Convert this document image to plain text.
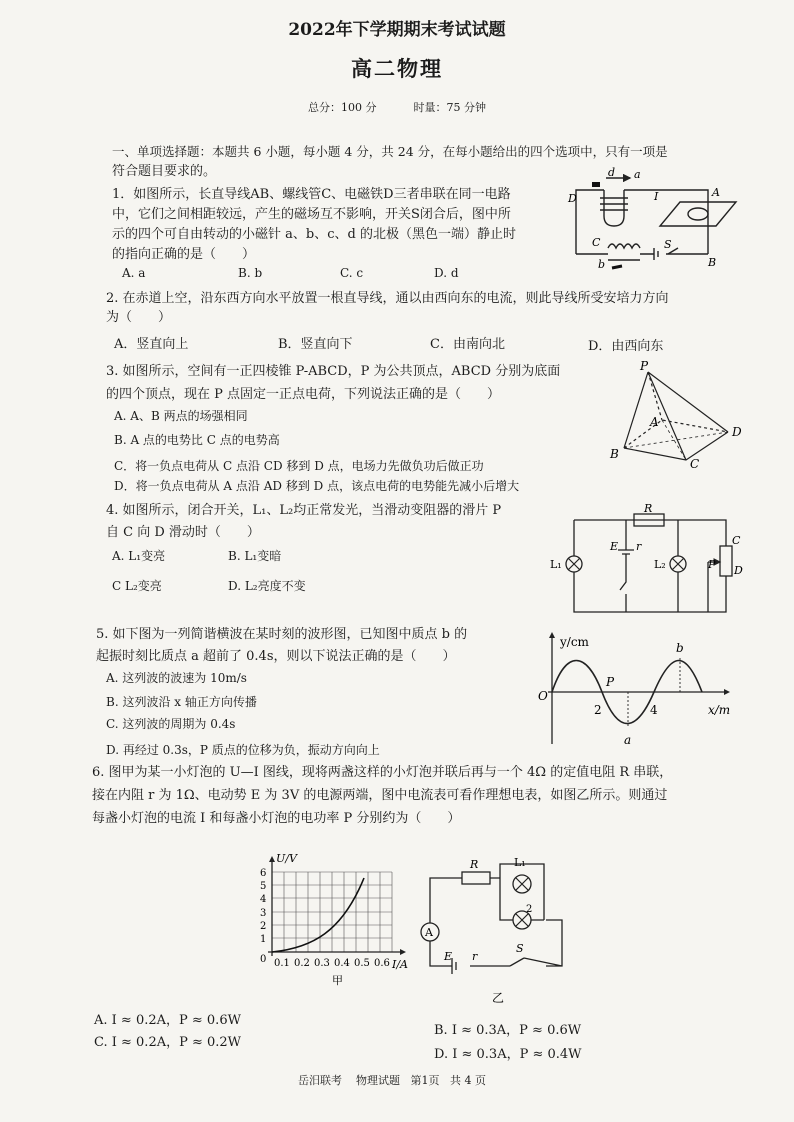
2022年下学期期末考试试题
高二物理
总分：100 分	时量：75 分钟
一、单项选择题：本题共 6 小题，每小题 4 分，共 24 分，在每小题给出的四个选项中，只有一项是
符合题目要求的。
1．如图所示，长直导线AB、螺线管C、电磁铁D三者串联在同一电路
中，它们之间相距较远，产生的磁场互不影响，开关S闭合后，图中所
示的四个可自由转动的小磁针 a、b、c、d 的北极（黑色一端）静止时
的指向正确的是（　　）
A. a	B. b	C. c	D. d
d a
D	A
I
C
b
S
B
2. 在赤道上空，沿东西方向水平放置一根直导线，通以由西向东的电流，则此导线所受安培力方向
为（　　）
A．竖直向上	B．竖直向下	C．由南向北	D．由西向东
3. 如图所示，空间有一正四棱锥 P-ABCD，P 为公共顶点，ABCD 分别为底面
的四个顶点，现在 P 点固定一正点电荷，下列说法正确的是（　　）
A. A、B 两点的场强相同
B. A 点的电势比 C 点的电势高
C．将一负点电荷从 C 点沿 CD 移到 D 点，电场力先做负功后做正功
D．将一负点电荷从 A 点沿 AD 移到 D 点，该点电荷的电势能先减小后增大
P
A
B
C
D
4. 如图所示，闭合开关，L₁、L₂均正常发光，当滑动变阻器的滑片 P
自 C 向 D 滑动时（　　）
A. L₁变亮	B. L₁变暗
C L₂变亮	D. L₂亮度不变
R
C
E r
L₁	L₂	P D
5. 如下图为一列简谐横波在某时刻的波形图，已知图中质点 b 的
起振时刻比质点 a 超前了 0.4s，则以下说法正确的是（　　）
A. 这列波的波速为 10m/s
B. 这列波沿 x 轴正方向传播
C. 这列波的周期为 0.4s
D. 再经过 0.3s，P 质点的位移为负，振动方向向上
y/cm
x/m
O
2	4
P
a
b
6. 图甲为某一小灯泡的 U—I 图线，现将两盏这样的小灯泡并联后再与一个 4Ω 的定值电阻 R 串联，
接在内阻 r 为 1Ω、电动势 E 为 3V 的电源两端，图中电流表可看作理想电表，如图乙所示。则通过
每盏小灯泡的电流 I 和每盏小灯泡的电功率 P 分别约为（　　）
U/V
I/A
1
2
3
4
5
6
0 0.1 0.2 0.3 0.4 0.5 0.6
甲
A
R	L₁
2
E r
S
乙
A. I ≈ 0.2A，P ≈ 0.6W
C. I ≈ 0.2A，P ≈ 0.2W
B. I ≈ 0.3A，P ≈ 0.6W
D. I ≈ 0.3A，P ≈ 0.4W
岳汨联考 物理试题 第1页 共 4 页
